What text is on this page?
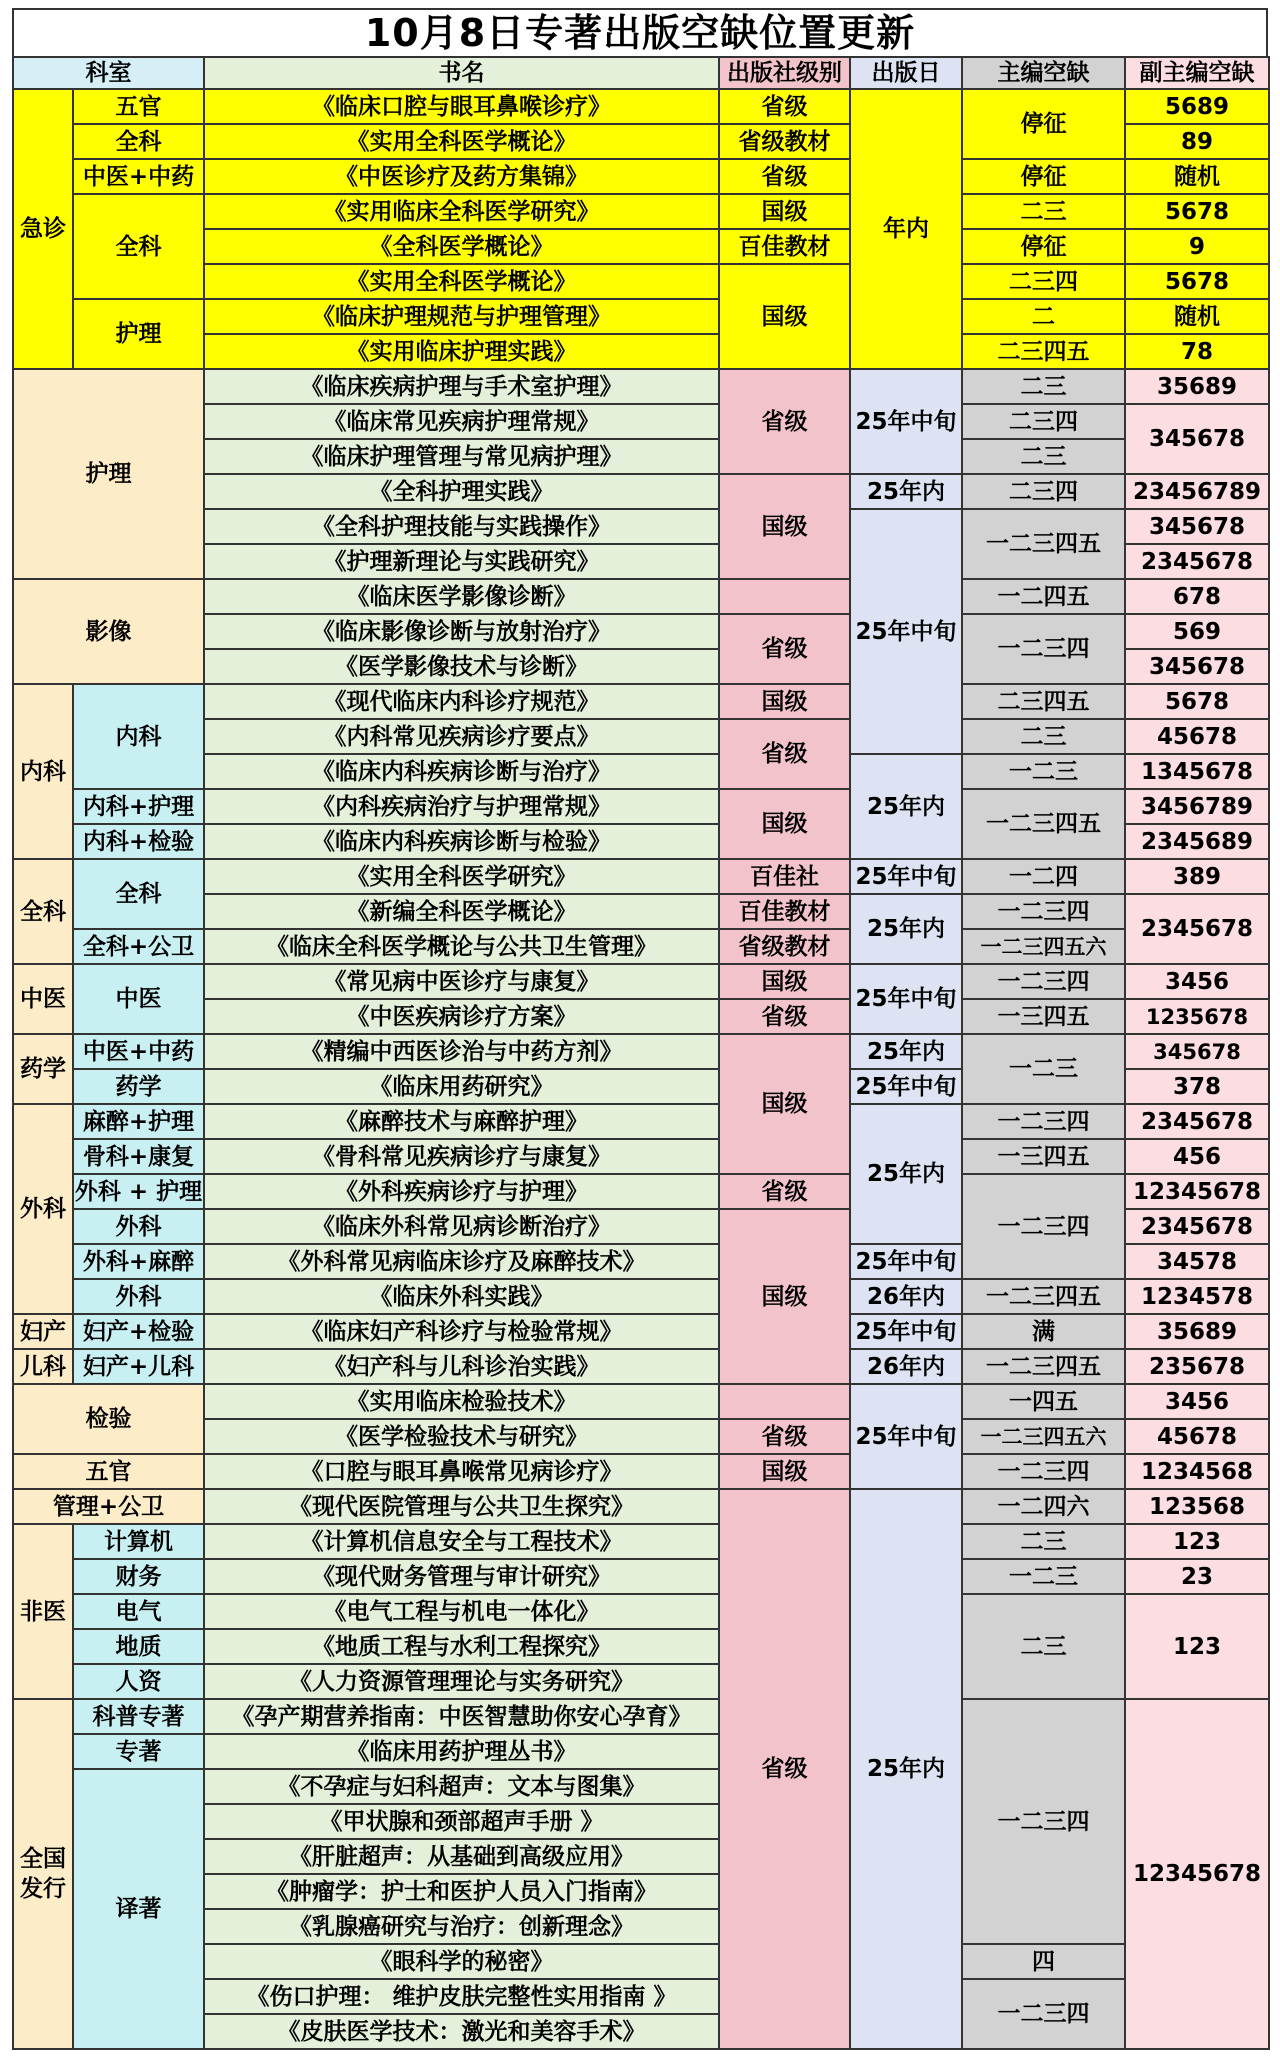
10月8日专著出版空缺位置更新
科室		书名	出版社级别	出版日	主编空缺	副主编空缺
急诊	五官	《临床口腔与眼耳鼻喉诊疗》	省级	年内	停征	5689
	全科	《实用全科医学概论》	省级教材			89
	中医+中药	《中医诊疗及药方集锦》	省级		停征	随机
	全科	《实用临床全科医学研究》	国级		二三	5678
		《全科医学概论》	百佳教材		停征	9
		《实用全科医学概论》	国级		二三四	5678
	护理	《临床护理规范与护理管理》			二	随机
		《实用临床护理实践》			二三四五	78
护理		《临床疾病护理与手术室护理》	省级	25年中旬	二三	35689
		《临床常见疾病护理常规》			二三四	345678
		《临床护理管理与常见病护理》			二三	
		《全科护理实践》	国级	25年内	二三四	23456789
		《全科护理技能与实践操作》		25年中旬	一二三四五	345678
		《护理新理论与实践研究》				2345678
影像		《临床医学影像诊断》			一二四五	678
		《临床影像诊断与放射治疗》	省级		一二三四	569
		《医学影像技术与诊断》				345678
内科	内科	《现代临床内科诊疗规范》	国级		二三四五	5678
		《内科常见疾病诊疗要点》	省级		二三	45678
		《临床内科疾病诊断与治疗》		25年内	一二三	1345678
	内科+护理	《内科疾病治疗与护理常规》	国级		一二三四五	3456789
	内科+检验	《临床内科疾病诊断与检验》				2345689
全科	全科	《实用全科医学研究》	百佳社	25年中旬	一二四	389
		《新编全科医学概论》	百佳教材	25年内	一二三四	2345678
	全科+公卫	《临床全科医学概论与公共卫生管理》	省级教材		一二三四五六	
中医	中医	《常见病中医诊疗与康复》	国级	25年中旬	一二三四	3456
		《中医疾病诊疗方案》	省级		一三四五	1235678
药学	中医+中药	《精编中西医诊治与中药方剂》	国级	25年内	一二三	345678
	药学	《临床用药研究》		25年中旬		378
外科	麻醉+护理	《麻醉技术与麻醉护理》		25年内	一二三四	2345678
	骨科+康复	《骨科常见疾病诊疗与康复》			一三四五	456
	外科 + 护理	《外科疾病诊疗与护理》	省级		一二三四	12345678
	外科	《临床外科常见病诊断治疗》	国级			2345678
	外科+麻醉	《外科常见病临床诊疗及麻醉技术》		25年中旬		34578
	外科	《临床外科实践》		26年内	一二三四五	1234578
妇产	妇产+检验	《临床妇产科诊疗与检验常规》		25年中旬	满	35689
儿科	妇产+儿科	《妇产科与儿科诊治实践》		26年内	一二三四五	235678
检验		《实用临床检验技术》		25年中旬	一四五	3456
		《医学检验技术与研究》	省级		一二三四五六	45678
五官		《口腔与眼耳鼻喉常见病诊疗》	国级		一二三四	1234568
管理+公卫		《现代医院管理与公共卫生探究》	省级	25年内	一二四六	123568
非医	计算机	《计算机信息安全与工程技术》			二三	123
	财务	《现代财务管理与审计研究》			一二三	23
	电气	《电气工程与机电一体化》			二三	123
	地质	《地质工程与水利工程探究》				
	人资	《人力资源管理理论与实务研究》				
全国发行	科普专著	《孕产期营养指南：中医智慧助你安心孕育》			一二三四	12345678
	专著	《临床用药护理丛书》				
	译著	《不孕症与妇科超声：文本与图集》				
		《甲状腺和颈部超声手册 》				
		《肝脏超声：从基础到高级应用》				
		《肿瘤学：护士和医护人员入门指南》				
		《乳腺癌研究与治疗：创新理念》				
		《眼科学的秘密》			四	
		《伤口护理： 维护皮肤完整性实用指南 》			一二三四	
		《皮肤医学技术：激光和美容手术》				
